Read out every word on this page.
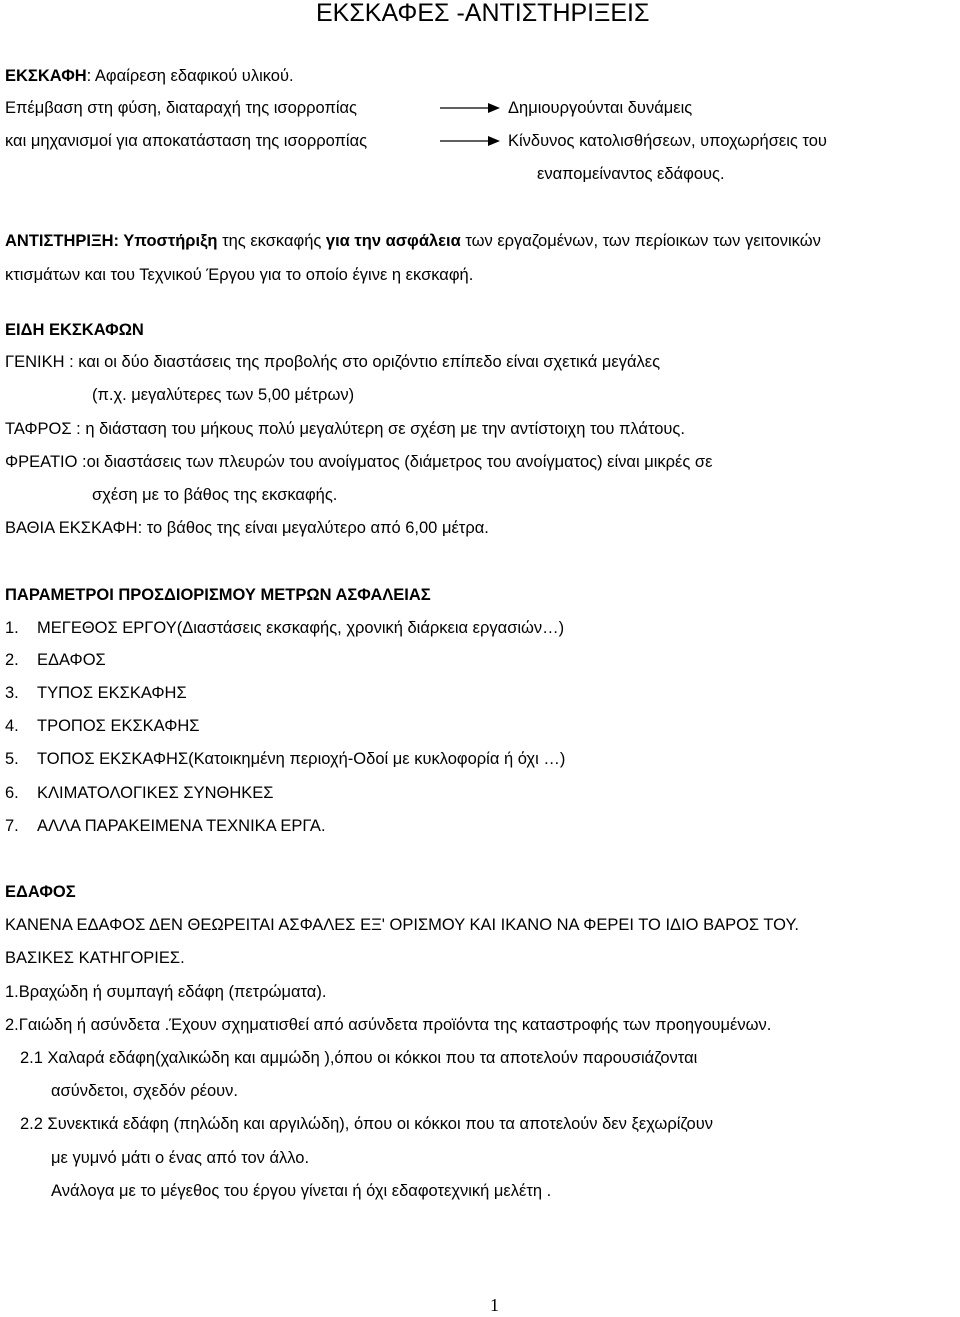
ΕΚΣΚΑΦΕΣ -ΑΝΤΙΣΤΗΡΙΞΕΙΣ
ΕΚΣΚΑΦΗ: Αφαίρεση εδαφικού υλικού.
Επέμβαση στη φύση, διαταραχή της ισορροπίας	Δημιουργούνται δυνάμεις
και μηχανισμοί για αποκατάσταση της ισορροπίας	Κίνδυνος κατολισθήσεων, υποχωρήσεις του
εναπομείναντος εδάφους.
ΑΝΤΙΣΤΗΡΙΞΗ: Υποστήριξη της εκσκαφής για την ασφάλεια των εργαζομένων, των περίοικων των γειτονικών
κτισμάτων και του Τεχνικού Έργου για το οποίο έγινε η εκσκαφή.
ΕΙΔΗ ΕΚΣΚΑΦΩΝ
ΓΕΝΙΚΗ : και οι δύο διαστάσεις της προβολής στο οριζόντιο επίπεδο είναι σχετικά μεγάλες
(π.χ. μεγαλύτερες των 5,00 μέτρων)
ΤΑΦΡΟΣ : η διάσταση του μήκους πολύ μεγαλύτερη σε σχέση με την αντίστοιχη του πλάτους.
ΦΡΕΑΤΙΟ :οι διαστάσεις των πλευρών του ανοίγματος (διάμετρος του ανοίγματος) είναι μικρές σε
σχέση με το βάθος της εκσκαφής.
ΒΑΘΙΑ ΕΚΣΚΑΦΗ: το βάθος της είναι μεγαλύτερο από 6,00 μέτρα.
ΠΑΡΑΜΕΤΡΟΙ ΠΡΟΣΔΙΟΡΙΣΜΟΥ ΜΕΤΡΩΝ ΑΣΦΑΛΕΙΑΣ
1. ΜΕΓΕΘΟΣ ΕΡΓΟΥ(Διαστάσεις εκσκαφής, χρονική διάρκεια εργασιών…)
2. ΕΔΑΦΟΣ
3. ΤΥΠΟΣ ΕΚΣΚΑΦΗΣ
4. ΤΡΟΠΟΣ ΕΚΣΚΑΦΗΣ
5. ΤΟΠΟΣ ΕΚΣΚΑΦΗΣ(Κατοικημένη περιοχή-Οδοί με κυκλοφορία ή όχι …)
6. ΚΛΙΜΑΤΟΛΟΓΙΚΕΣ ΣΥΝΘΗΚΕΣ
7. ΑΛΛΑ ΠΑΡΑΚΕΙΜΕΝΑ ΤΕΧΝΙΚΑ ΕΡΓΑ.
ΕΔΑΦΟΣ
ΚΑΝΕΝΑ ΕΔΑΦΟΣ ΔΕΝ ΘΕΩΡΕΙΤΑΙ ΑΣΦΑΛΕΣ ΕΞ' ΟΡΙΣΜΟΥ ΚΑΙ ΙΚΑΝΟ ΝΑ ΦΕΡΕΙ ΤΟ ΙΔΙΟ ΒΑΡΟΣ ΤΟΥ.
ΒΑΣΙΚΕΣ ΚΑΤΗΓΟΡΙΕΣ.
1.Βραχώδη ή συμπαγή εδάφη (πετρώματα).
2.Γαιώδη ή ασύνδετα .Έχουν σχηματισθεί από ασύνδετα προϊόντα της καταστροφής των προηγουμένων.
2.1 Χαλαρά εδάφη(χαλικώδη και αμμώδη ),όπου οι κόκκοι που τα αποτελούν παρουσιάζονται
ασύνδετοι, σχεδόν ρέουν.
2.2 Συνεκτικά εδάφη (πηλώδη και αργιλώδη), όπου οι κόκκοι που τα αποτελούν δεν ξεχωρίζουν
με γυμνό μάτι ο ένας από τον άλλο.
Ανάλογα με το μέγεθος του έργου γίνεται ή όχι εδαφοτεχνική μελέτη .
1
